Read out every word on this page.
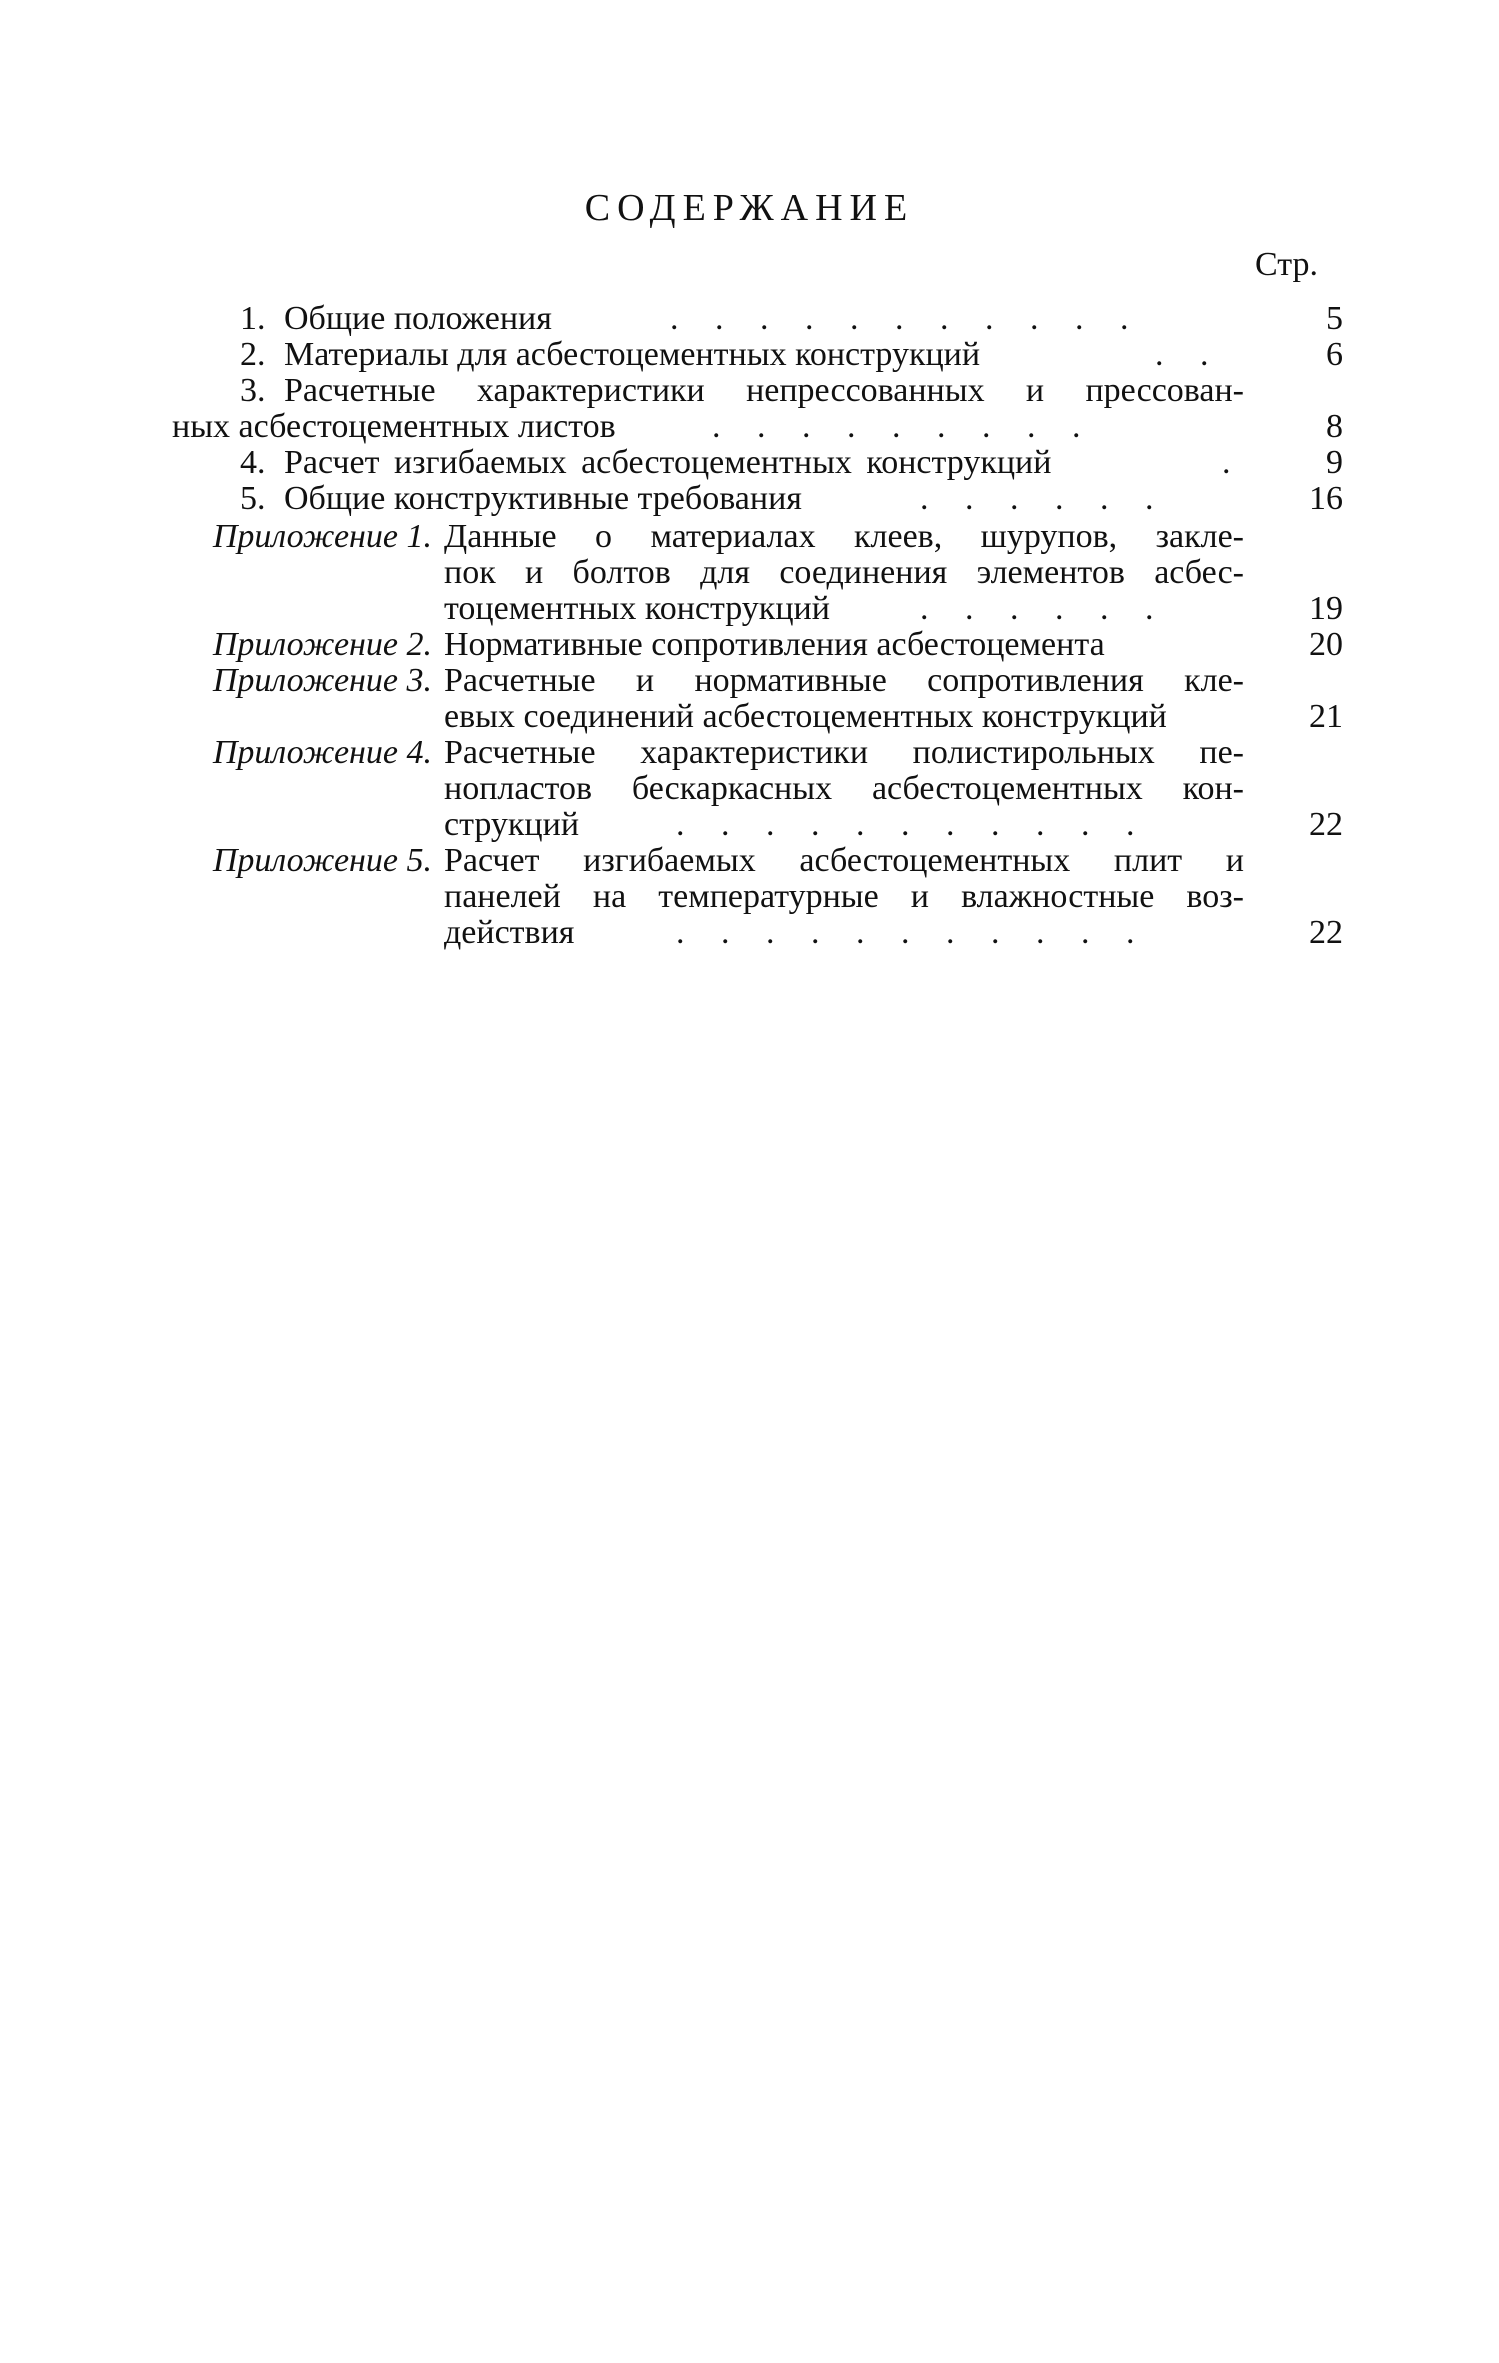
СОДЕРЖАНИЕ
Стр.
1. Общие положения	. . . . . . . . . . .	5
2. Материалы для асбестоцементных конструкций	. .	6
3. Расчетные характеристики непрессованных и прессован-
ных асбестоцементных листов	. . . . . . . . .	8
4. Расчет изгибаемых асбестоцементных конструкций	.	9
5. Общие конструктивные требования	. . . . . .	16
Приложение 1. Данные о материалах клеев, шурупов, закле-
пок и болтов для соединения элементов асбес-
тоцементных конструкций	. . . . . .	19
Приложение 2. Нормативные сопротивления асбестоцемента	20
Приложение 3. Расчетные и нормативные сопротивления кле-
евых соединений асбестоцементных конструкций	21
Приложение 4. Расчетные характеристики полистирольных пе-
нопластов бескаркасных асбестоцементных кон-
струкций	. . . . . . . . . . .	22
Приложение 5. Расчет изгибаемых асбестоцементных плит и
панелей на температурные и влажностные воз-
действия	. . . . . . . . . . .	22
